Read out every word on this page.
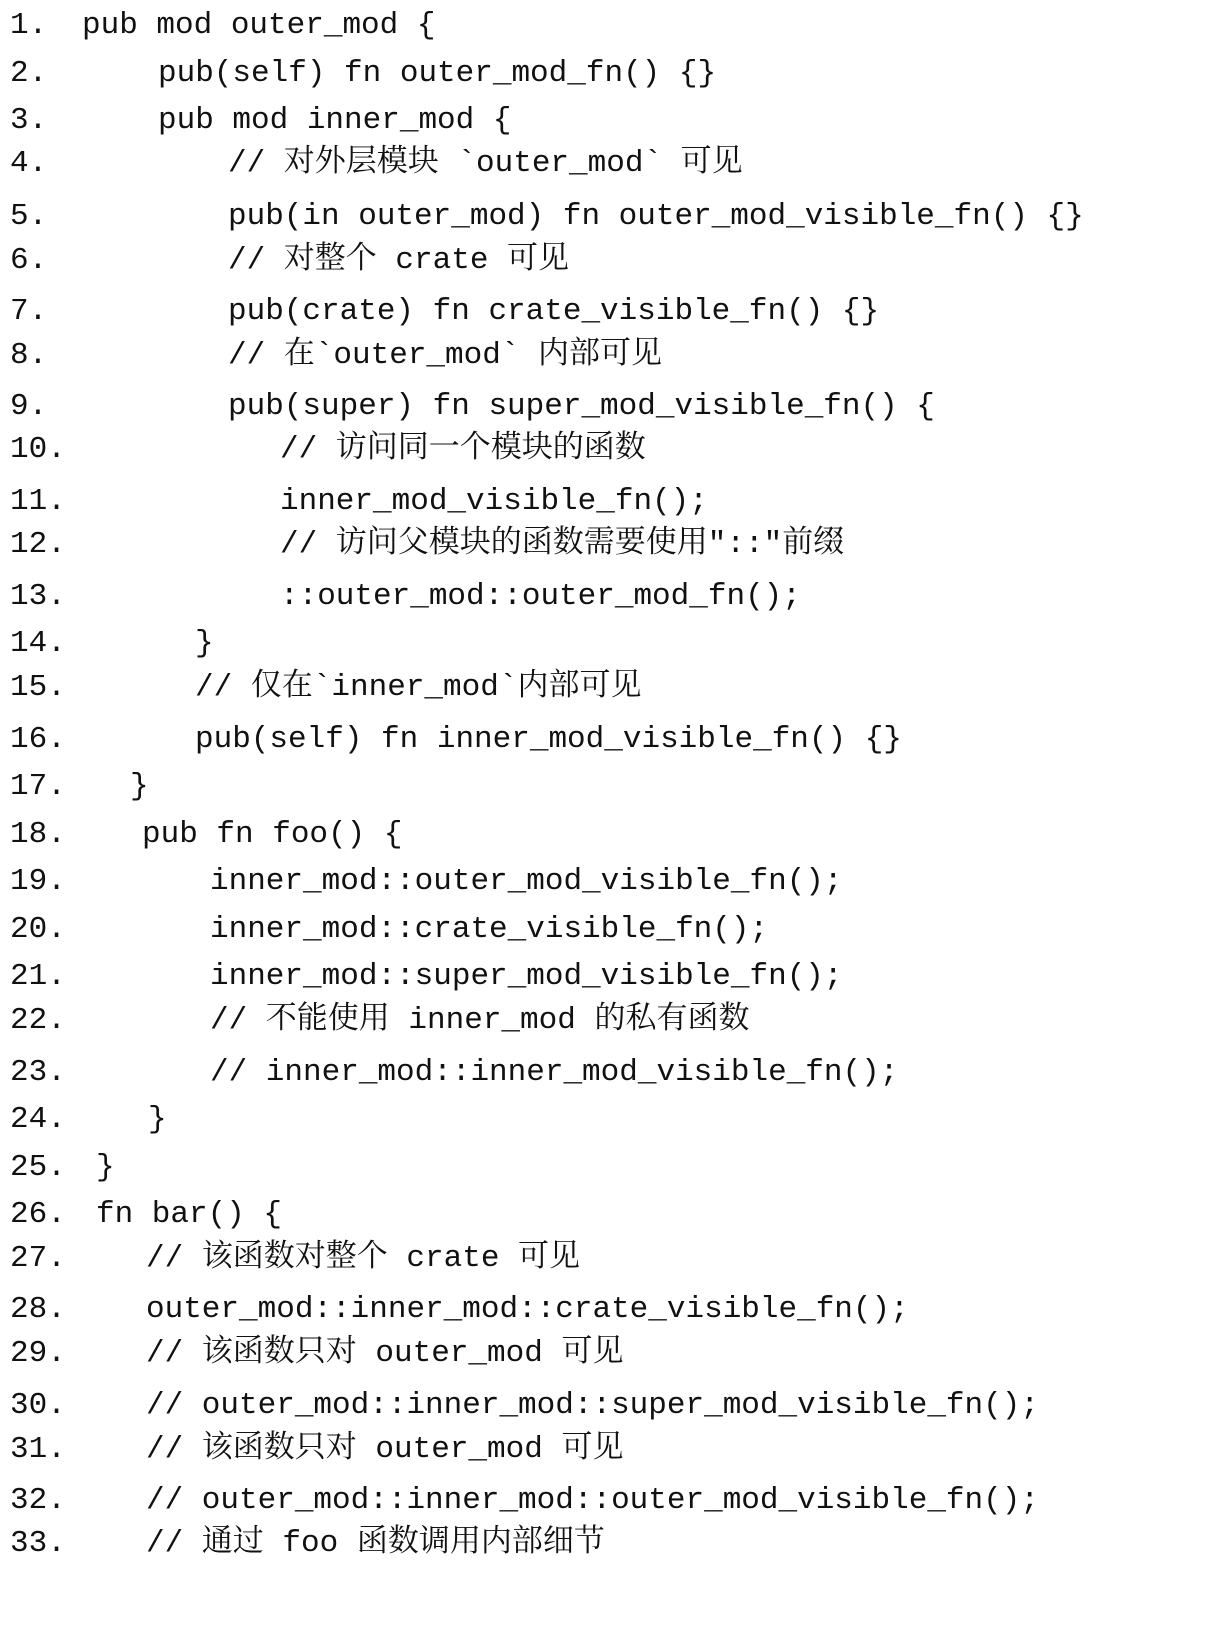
1. pub mod outer_mod {
2.	pub(self) fn outer_mod_fn() {}
3.	pub mod inner_mod {
4.	// 对外层模块 `outer_mod` 可见
5.	pub(in outer_mod) fn outer_mod_visible_fn() {}
6.	// 对整个 crate 可见
7.	pub(crate) fn crate_visible_fn() {}
8.	// 在`outer_mod` 内部可见
9.	pub(super) fn super_mod_visible_fn() {
10.	// 访问同一个模块的函数
11.	inner_mod_visible_fn();
12.	// 访问父模块的函数需要使用"::"前缀
13.	::outer_mod::outer_mod_fn();
14.	}
15.	// 仅在`inner_mod`内部可见
16.	pub(self) fn inner_mod_visible_fn() {}
17. }
18. pub fn foo() {
19.	inner_mod::outer_mod_visible_fn();
20.	inner_mod::crate_visible_fn();
21.	inner_mod::super_mod_visible_fn();
22.	// 不能使用 inner_mod 的私有函数
23.	// inner_mod::inner_mod_visible_fn();
24.	}
25. }
26. fn bar() {
27.	// 该函数对整个 crate 可见
28.	outer_mod::inner_mod::crate_visible_fn();
29.	// 该函数只对 outer_mod 可见
30.	// outer_mod::inner_mod::super_mod_visible_fn();
31.	// 该函数只对 outer_mod 可见
32.	// outer_mod::inner_mod::outer_mod_visible_fn();
33.	// 通过 foo 函数调用内部细节
